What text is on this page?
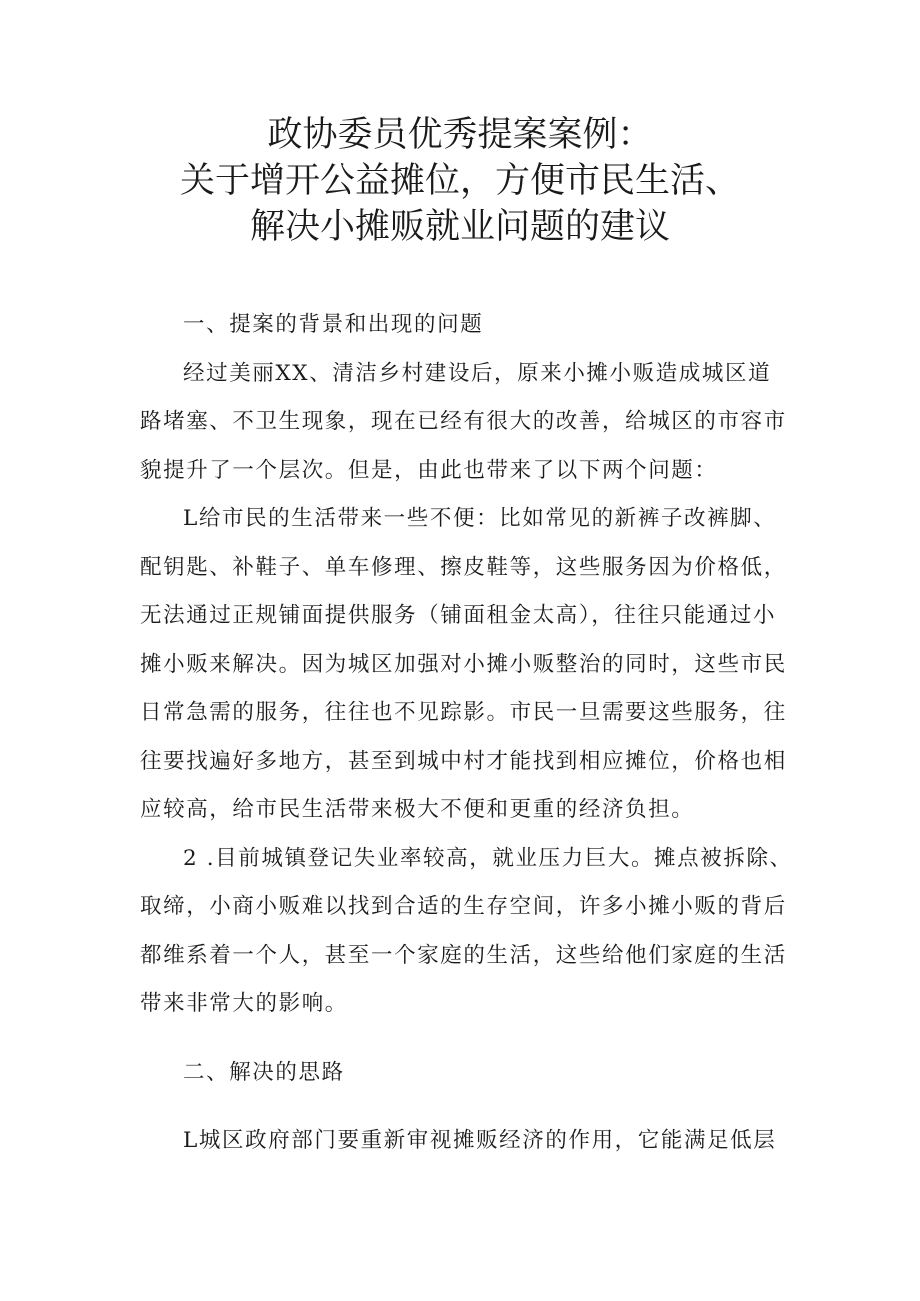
政协委员优秀提案案例：
关于增开公益摊位，方便市民生活、
解决小摊贩就业问题的建议

一、提案的背景和出现的问题

经过美丽XX、清洁乡村建设后，原来小摊小贩造成城区道
路堵塞、不卫生现象，现在已经有很大的改善，给城区的市容市
貌提升了一个层次。但是，由此也带来了以下两个问题：

L给市民的生活带来一些不便：比如常见的新裤子改裤脚、
配钥匙、补鞋子、单车修理、擦皮鞋等，这些服务因为价格低，
无法通过正规铺面提供服务（铺面租金太高），往往只能通过小
摊小贩来解决。因为城区加强对小摊小贩整治的同时，这些市民
日常急需的服务，往往也不见踪影。市民一旦需要这些服务，往
往要找遍好多地方，甚至到城中村才能找到相应摊位，价格也相
应较高，给市民生活带来极大不便和更重的经济负担。

2 .目前城镇登记失业率较高，就业压力巨大。摊点被拆除、
取缔，小商小贩难以找到合适的生存空间，许多小摊小贩的背后
都维系着一个人，甚至一个家庭的生活，这些给他们家庭的生活
带来非常大的影响。

二、解决的思路

L城区政府部门要重新审视摊贩经济的作用，它能满足低层
